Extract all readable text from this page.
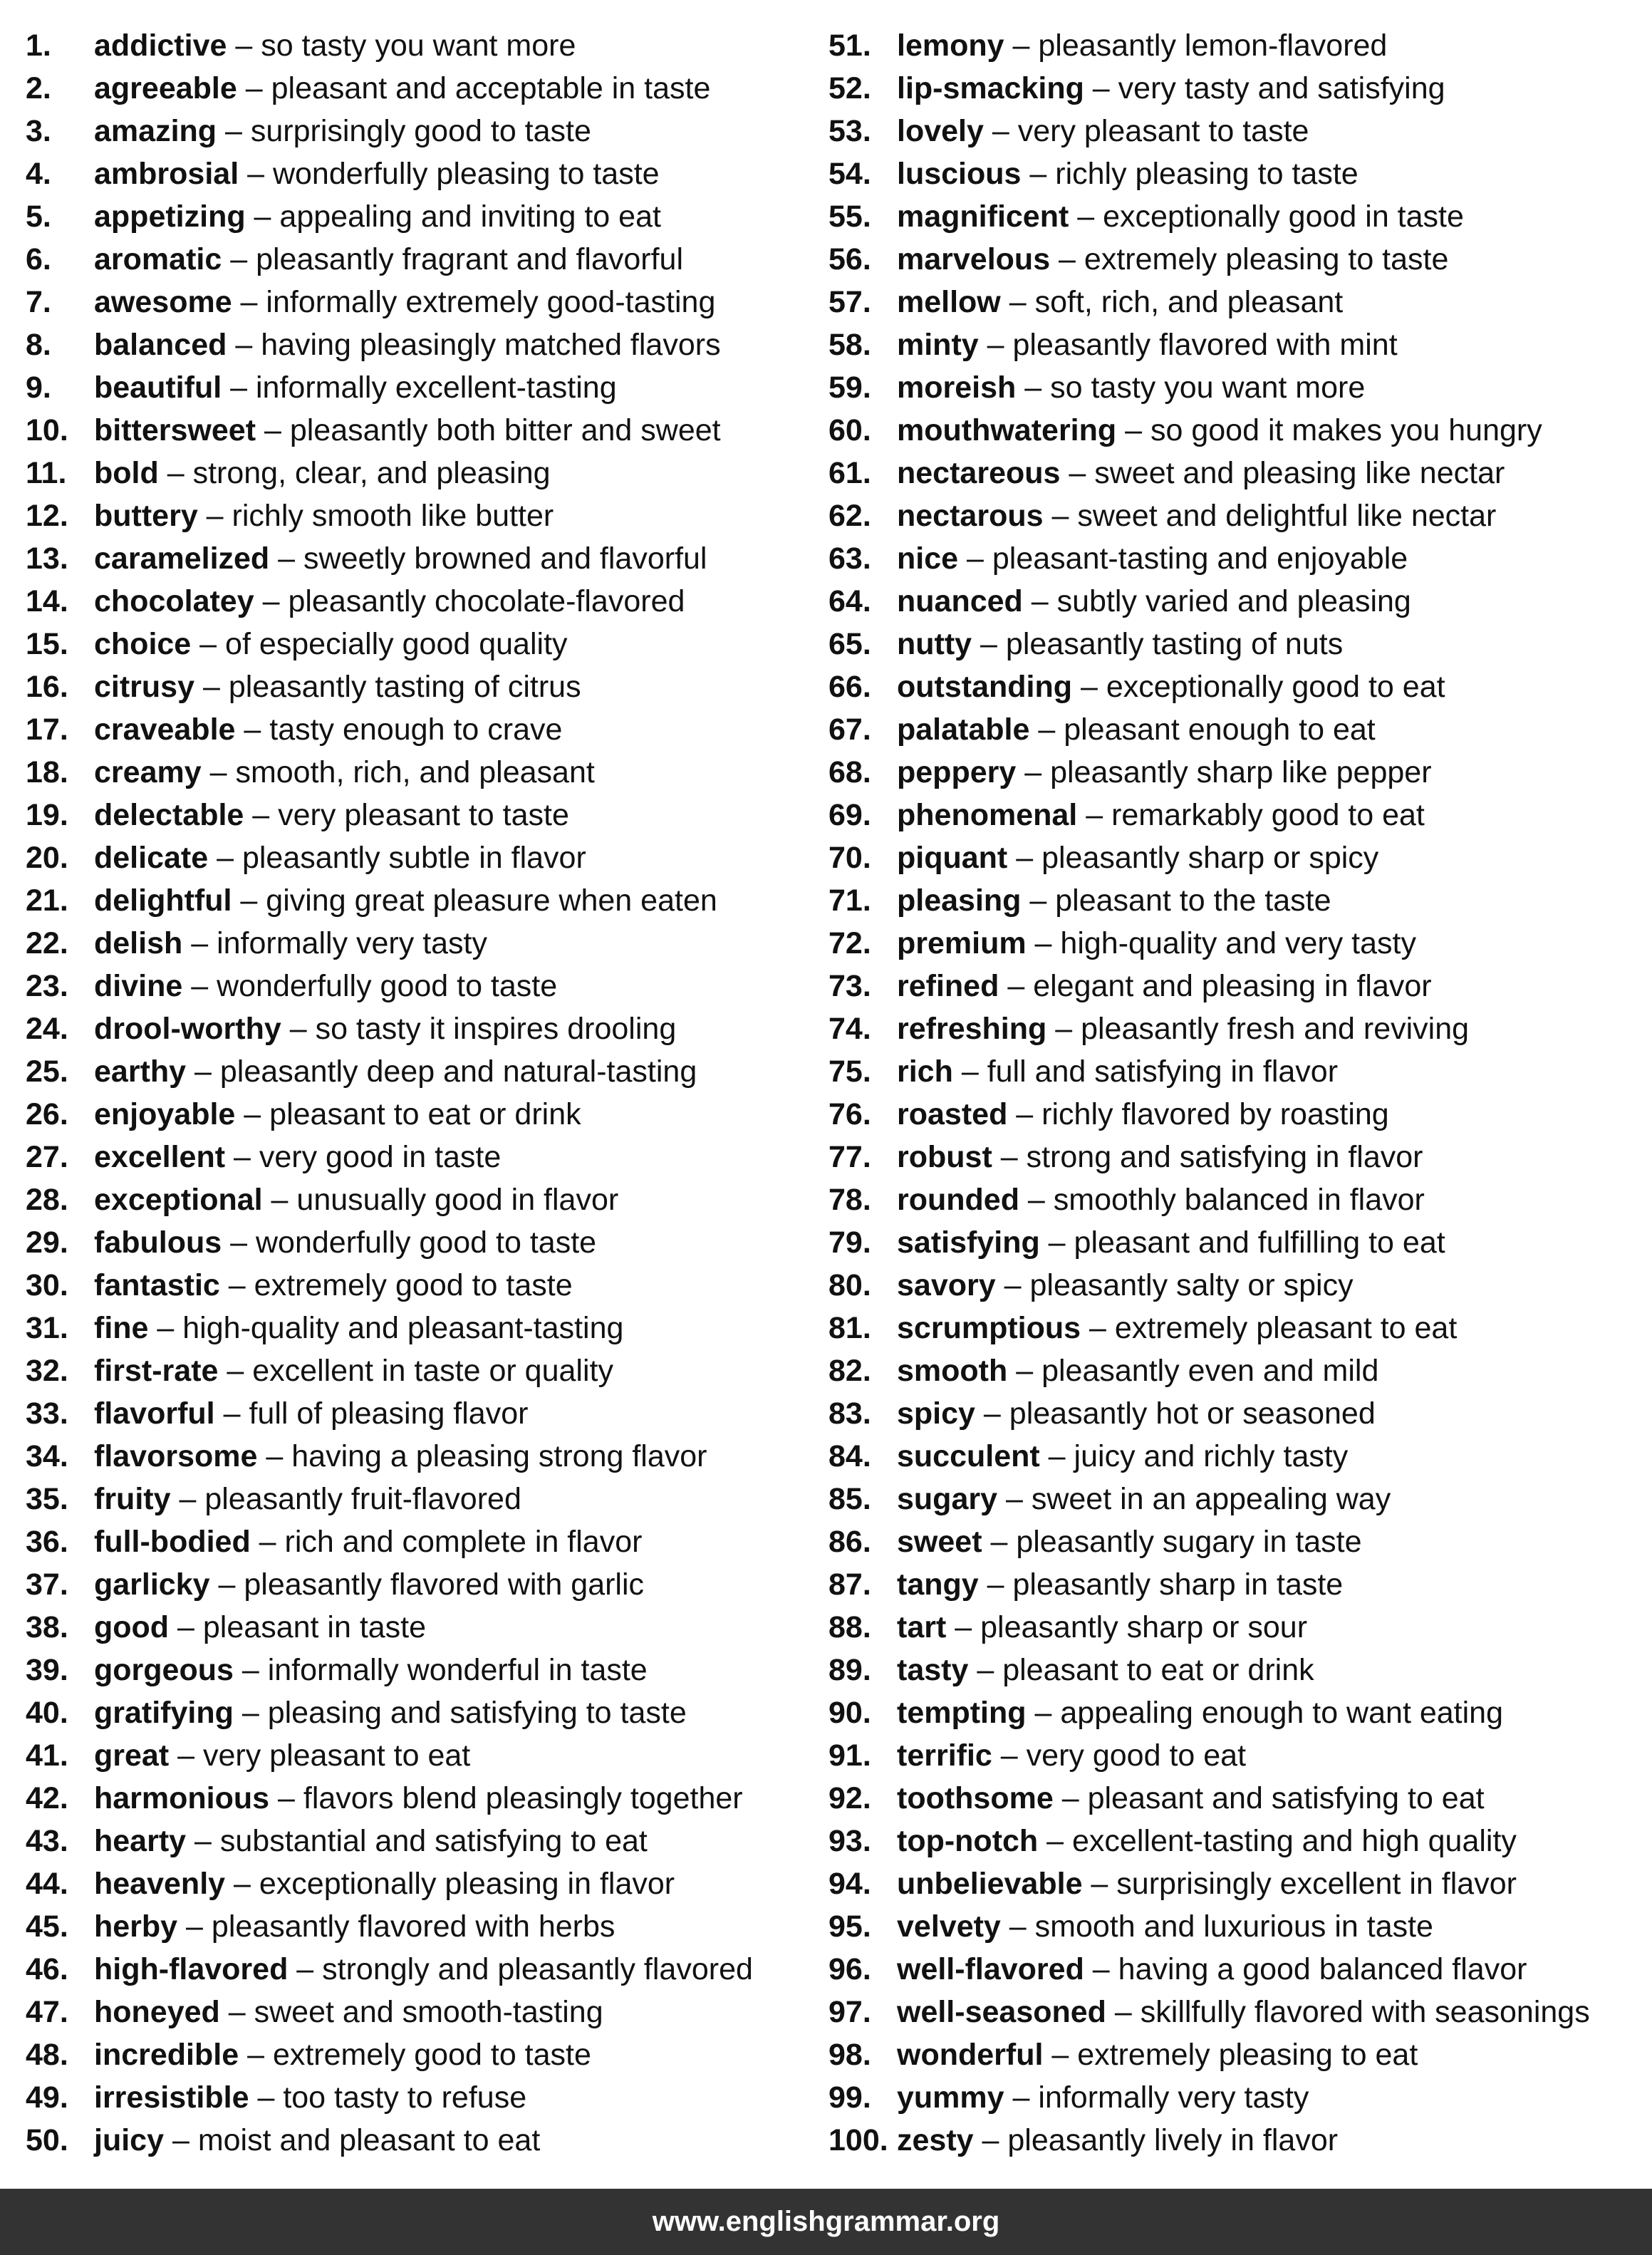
1.	addictive – so tasty you want more
2.	agreeable – pleasant and acceptable in taste
3.	amazing – surprisingly good to taste
4.	ambrosial – wonderfully pleasing to taste
5.	appetizing – appealing and inviting to eat
6.	aromatic – pleasantly fragrant and flavorful
7.	awesome – informally extremely good-tasting
8.	balanced – having pleasingly matched flavors
9.	beautiful – informally excellent-tasting
10. bittersweet – pleasantly both bitter and sweet
11. bold – strong, clear, and pleasing
12. buttery – richly smooth like butter
13. caramelized – sweetly browned and flavorful
14. chocolatey – pleasantly chocolate-flavored
15. choice – of especially good quality
16. citrusy – pleasantly tasting of citrus
17. craveable – tasty enough to crave
18. creamy – smooth, rich, and pleasant
19. delectable – very pleasant to taste
20. delicate – pleasantly subtle in flavor
21. delightful – giving great pleasure when eaten
22. delish – informally very tasty
23. divine – wonderfully good to taste
24. drool-worthy – so tasty it inspires drooling
25. earthy – pleasantly deep and natural-tasting
26. enjoyable – pleasant to eat or drink
27. excellent – very good in taste
28. exceptional – unusually good in flavor
29. fabulous – wonderfully good to taste
30. fantastic – extremely good to taste
31. fine – high-quality and pleasant-tasting
32. first-rate – excellent in taste or quality
33. flavorful – full of pleasing flavor
34. flavorsome – having a pleasing strong flavor
35. fruity – pleasantly fruit-flavored
36. full-bodied – rich and complete in flavor
37. garlicky – pleasantly flavored with garlic
38. good – pleasant in taste
39. gorgeous – informally wonderful in taste
40. gratifying – pleasing and satisfying to taste
41. great – very pleasant to eat
42. harmonious – flavors blend pleasingly together
43. hearty – substantial and satisfying to eat
44. heavenly – exceptionally pleasing in flavor
45. herby – pleasantly flavored with herbs
46. high-flavored – strongly and pleasantly flavored
47. honeyed – sweet and smooth-tasting
48. incredible – extremely good to taste
49. irresistible – too tasty to refuse
50. juicy – moist and pleasant to eat
51. lemony – pleasantly lemon-flavored
52. lip-smacking – very tasty and satisfying
53. lovely – very pleasant to taste
54. luscious – richly pleasing to taste
55. magnificent – exceptionally good in taste
56. marvelous – extremely pleasing to taste
57. mellow – soft, rich, and pleasant
58. minty – pleasantly flavored with mint
59. moreish – so tasty you want more
60. mouthwatering – so good it makes you hungry
61. nectareous – sweet and pleasing like nectar
62. nectarous – sweet and delightful like nectar
63. nice – pleasant-tasting and enjoyable
64. nuanced – subtly varied and pleasing
65. nutty – pleasantly tasting of nuts
66. outstanding – exceptionally good to eat
67. palatable – pleasant enough to eat
68. peppery – pleasantly sharp like pepper
69. phenomenal – remarkably good to eat
70. piquant – pleasantly sharp or spicy
71. pleasing – pleasant to the taste
72. premium – high-quality and very tasty
73. refined – elegant and pleasing in flavor
74. refreshing – pleasantly fresh and reviving
75. rich – full and satisfying in flavor
76. roasted – richly flavored by roasting
77. robust – strong and satisfying in flavor
78. rounded – smoothly balanced in flavor
79. satisfying – pleasant and fulfilling to eat
80. savory – pleasantly salty or spicy
81. scrumptious – extremely pleasant to eat
82. smooth – pleasantly even and mild
83. spicy – pleasantly hot or seasoned
84. succulent – juicy and richly tasty
85. sugary – sweet in an appealing way
86. sweet – pleasantly sugary in taste
87. tangy – pleasantly sharp in taste
88. tart – pleasantly sharp or sour
89. tasty – pleasant to eat or drink
90. tempting – appealing enough to want eating
91. terrific – very good to eat
92. toothsome – pleasant and satisfying to eat
93. top-notch – excellent-tasting and high quality
94. unbelievable – surprisingly excellent in flavor
95. velvety – smooth and luxurious in taste
96. well-flavored – having a good balanced flavor
97. well-seasoned – skillfully flavored with seasonings
98. wonderful – extremely pleasing to eat
99. yummy – informally very tasty
100. zesty – pleasantly lively in flavor
www.englishgrammar.org
